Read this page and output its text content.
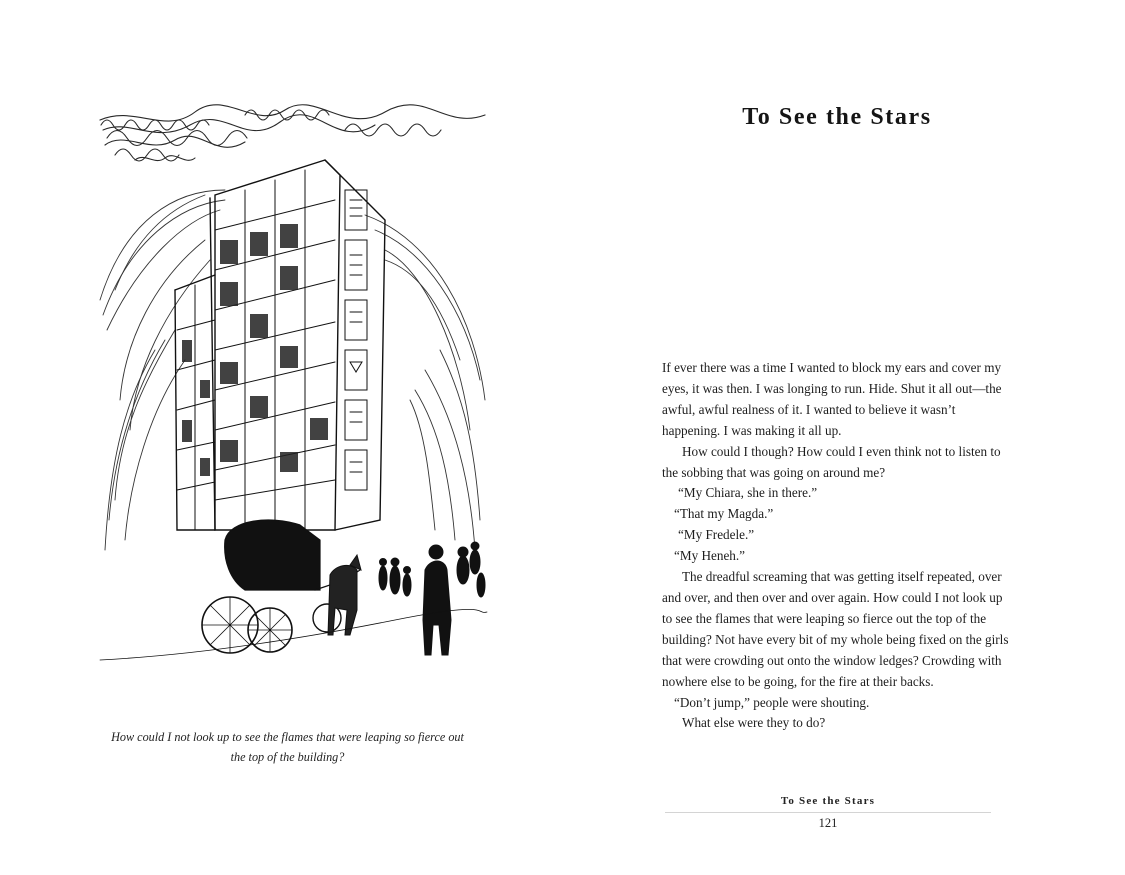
How could I not look up to see the flames that were leaping so fierce out the top of the building?
To See the Stars

If ever there was a time I wanted to block my ears and cover my eyes, it was then. I was longing to run. Hide. Shut it all out—the awful, awful realness of it. I wanted to believe it wasn’t happening. I was making it all up.

How could I though? How could I even think not to listen to the sobbing that was going on around me?

“My Chiara, she in there.”

“That my Magda.”

“My Fredele.”

“My Heneh.”

The dreadful screaming that was getting itself repeated, over and over, and then over and over again. How could I not look up to see the flames that were leaping so fierce out the top of the building? Not have every bit of my whole being fixed on the girls that were crowding out onto the window ledges? Crowding with nowhere else to be going, for the fire at their backs.

“Don’t jump,” people were shouting.

What else were they to do?

To See the Stars
121
